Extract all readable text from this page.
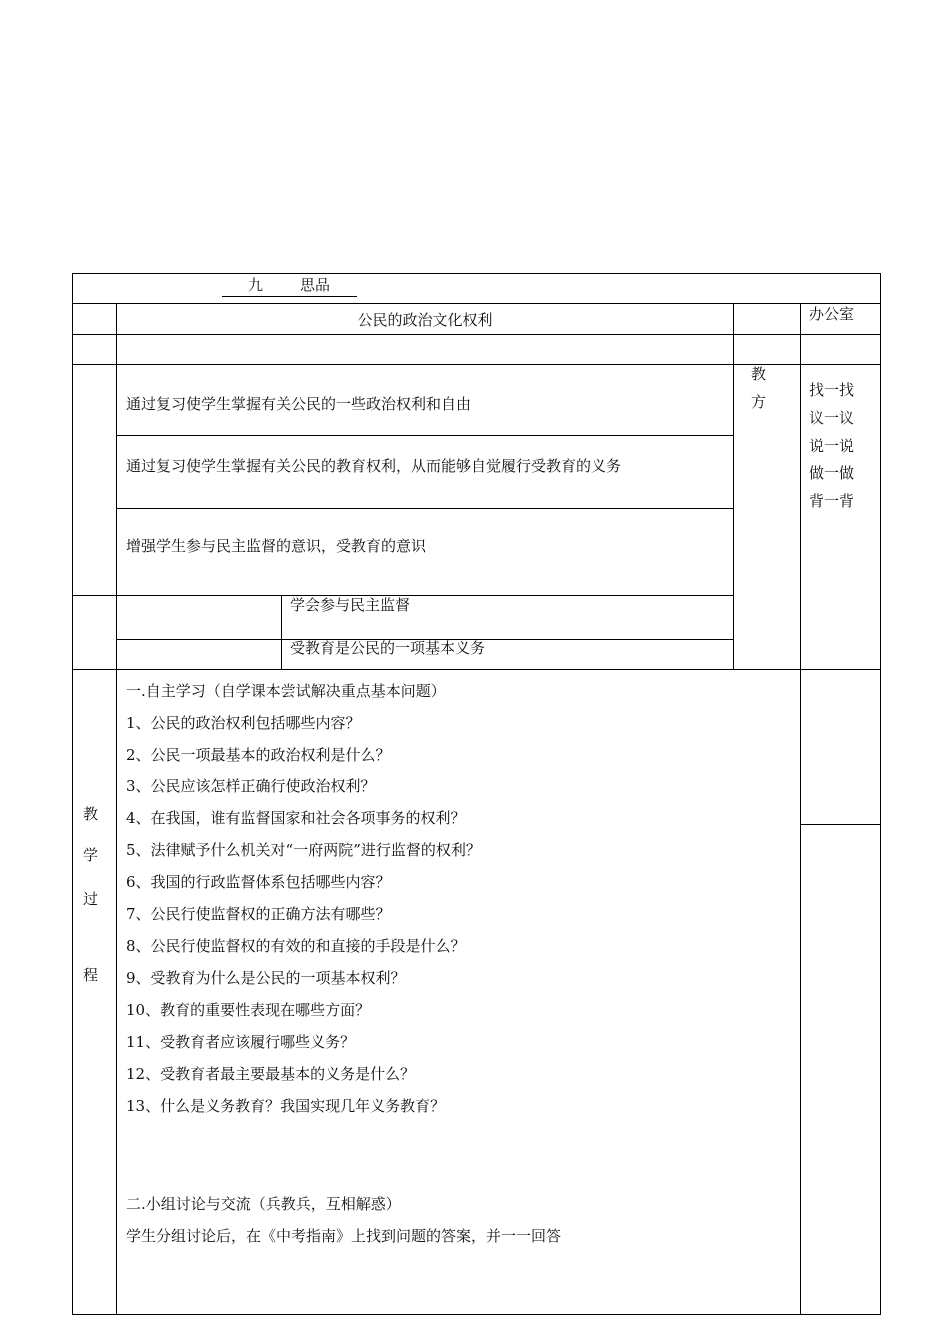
九 思品

公民的政治文化权利	办公室
通过复习使学生掌握有关公民的一些政治权利和自由
通过复习使学生掌握有关公民的教育权利，从而能够自觉履行受教育的义务
增强学生参与民主监督的意识，受教育的意识
教
方
找一找
议一议
说一说
做一做
背一背
学会参与民主监督
受教育是公民的一项基本义务
教
学
过
程
一.自主学习（自学课本尝试解决重点基本问题）
1、公民的政治权利包括哪些内容？
2、公民一项最基本的政治权利是什么？
3、公民应该怎样正确行使政治权利？
4、在我国，谁有监督国家和社会各项事务的权利？
5、法律赋予什么机关对“一府两院”进行监督的权利？
6、我国的行政监督体系包括哪些内容？
7、公民行使监督权的正确方法有哪些？
8、公民行使监督权的有效的和直接的手段是什么？
9、受教育为什么是公民的一项基本权利？
10、教育的重要性表现在哪些方面？
11、受教育者应该履行哪些义务？
12、受教育者最主要最基本的义务是什么？
13、什么是义务教育？我国实现几年义务教育？
二.小组讨论与交流（兵教兵，互相解惑）
学生分组讨论后，在《中考指南》上找到问题的答案，并一一回答
